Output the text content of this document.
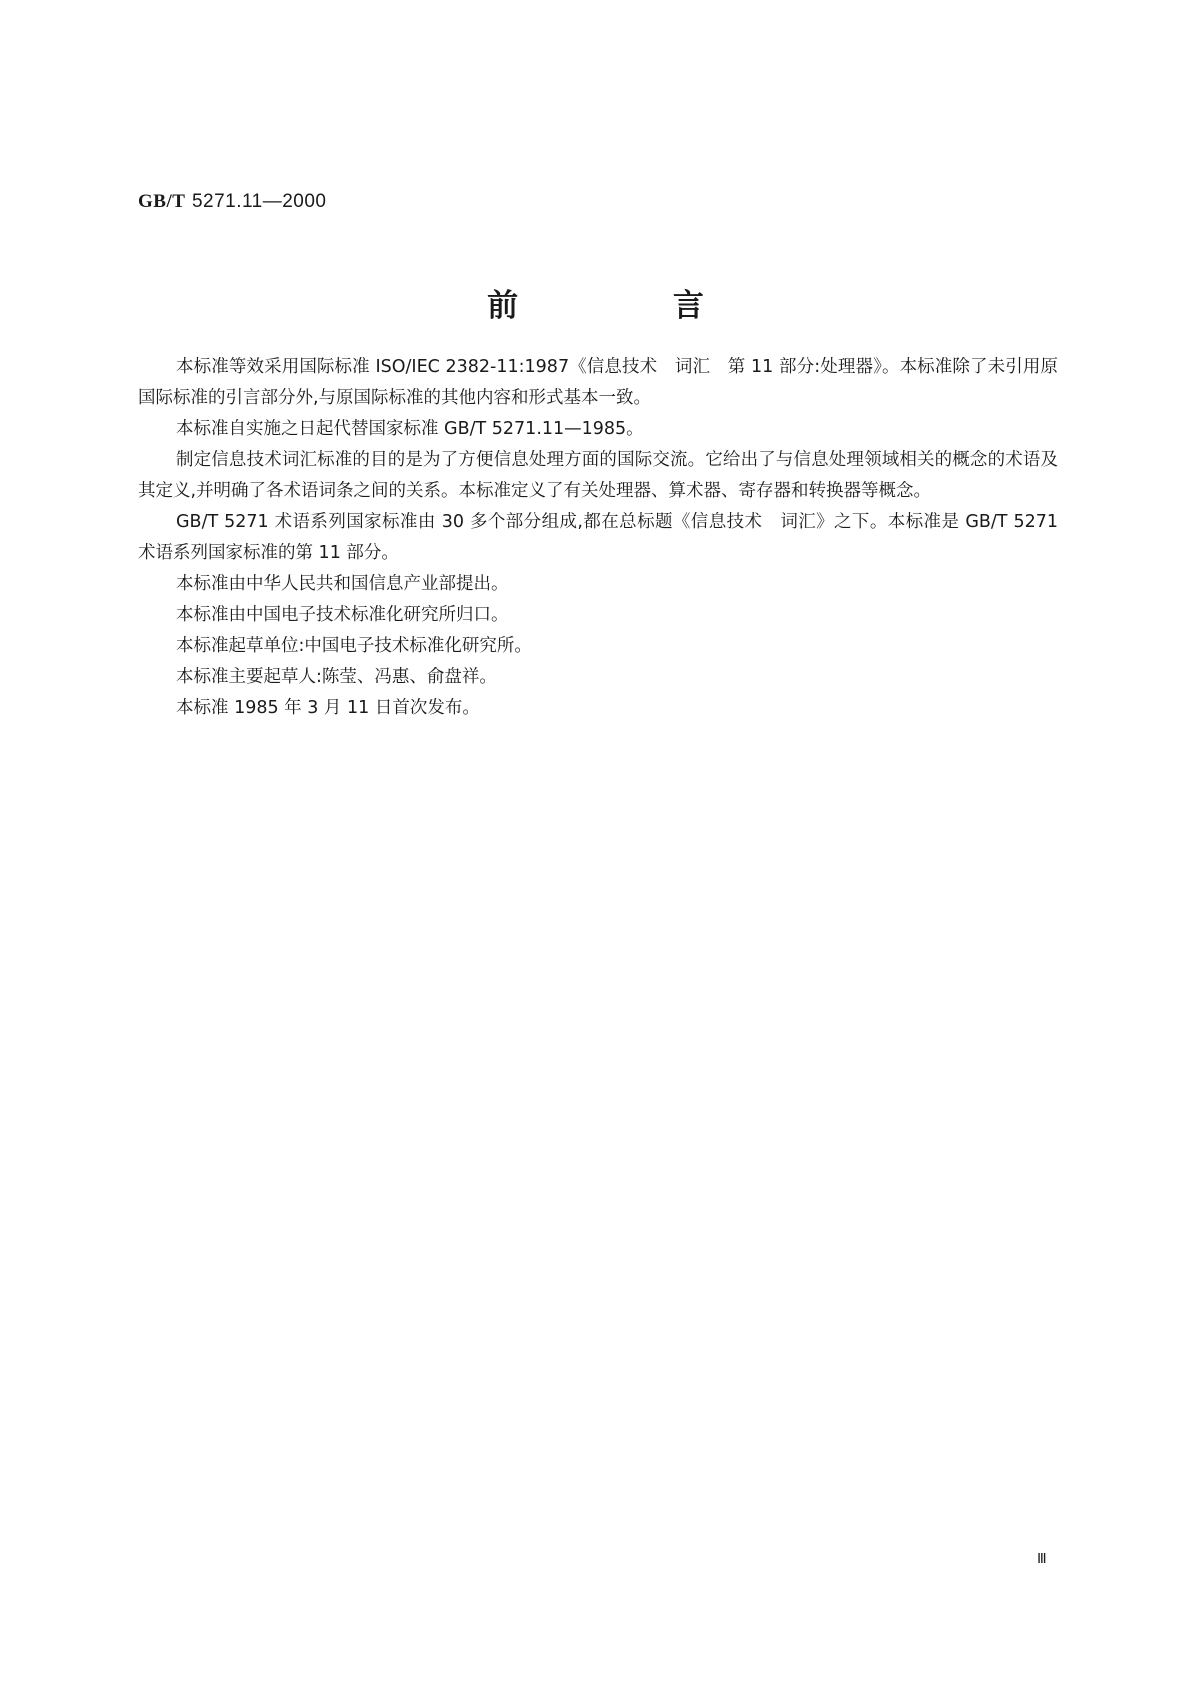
GB/T 5271.11—2000
前 言

本标准等效采用国际标准 ISO/IEC 2382-11:1987《信息技术　词汇　第 11 部分:处理器》。本标准除了未引用原国际标准的引言部分外,与原国际标准的其他内容和形式基本一致。

本标准自实施之日起代替国家标准 GB/T 5271.11—1985。

制定信息技术词汇标准的目的是为了方便信息处理方面的国际交流。它给出了与信息处理领域相关的概念的术语及其定义,并明确了各术语词条之间的关系。本标准定义了有关处理器、算术器、寄存器和转换器等概念。

GB/T 5271 术语系列国家标准由 30 多个部分组成,都在总标题《信息技术　词汇》之下。本标准是 GB/T 5271 术语系列国家标准的第 11 部分。

本标准由中华人民共和国信息产业部提出。

本标准由中国电子技术标准化研究所归口。

本标准起草单位:中国电子技术标准化研究所。

本标准主要起草人:陈莹、冯惠、俞盘祥。

本标准 1985 年 3 月 11 日首次发布。

Ⅲ
